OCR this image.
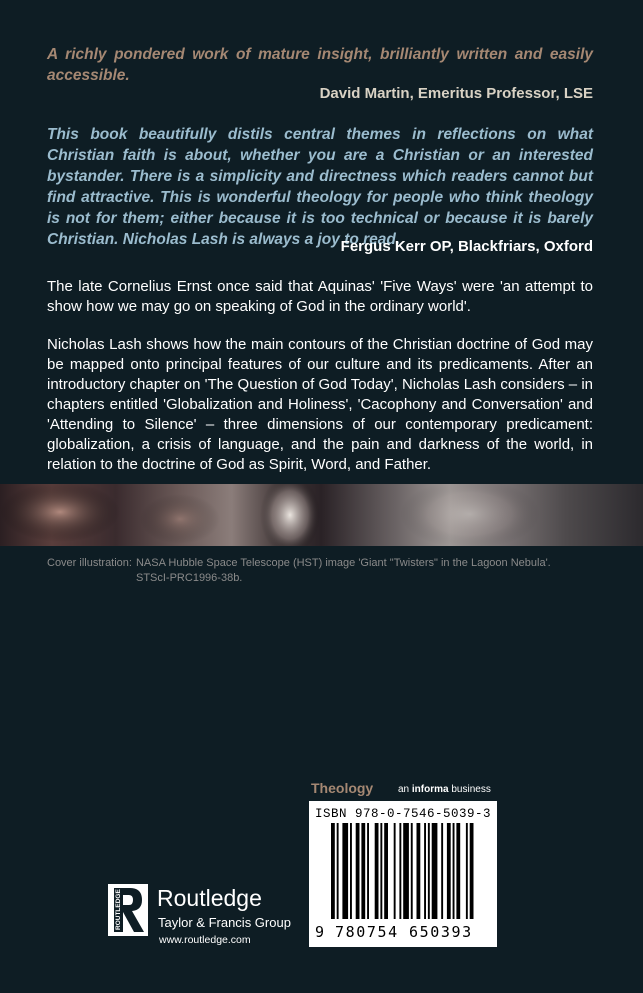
A richly pondered work of mature insight, brilliantly written and easily accessible.

David Martin, Emeritus Professor, LSE

This book beautifully distils central themes in reflections on what Christian faith is about, whether you are a Christian or an interested bystander. There is a simplicity and directness which readers cannot but find attractive. This is wonderful theology for people who think theology is not for them; either because it is too technical or because it is barely Christian. Nicholas Lash is always a joy to read.

Fergus Kerr OP, Blackfriars, Oxford

The late Cornelius Ernst once said that Aquinas' 'Five Ways' were 'an attempt to show how we may go on speaking of God in the ordinary world'.

Nicholas Lash shows how the main contours of the Christian doctrine of God may be mapped onto principal features of our culture and its predicaments. After an introductory chapter on 'The Question of God Today', Nicholas Lash considers – in chapters entitled 'Globalization and Holiness', 'Cacophony and Conversation' and 'Attending to Silence' – three dimensions of our contemporary predicament: globalization, a crisis of language, and the pain and darkness of the world, in relation to the doctrine of God as Spirit, Word, and Father.

Cover illustration: NASA Hubble Space Telescope (HST) image 'Giant "Twisters" in the Lagoon Nebula'. STScI-PRC1996-38b.
Theology an informa business
ISBN 978-0-7546-5039-3
9 780754 650393
ROUTLEDGE Routledge
Taylor & Francis Group
www.routledge.com
